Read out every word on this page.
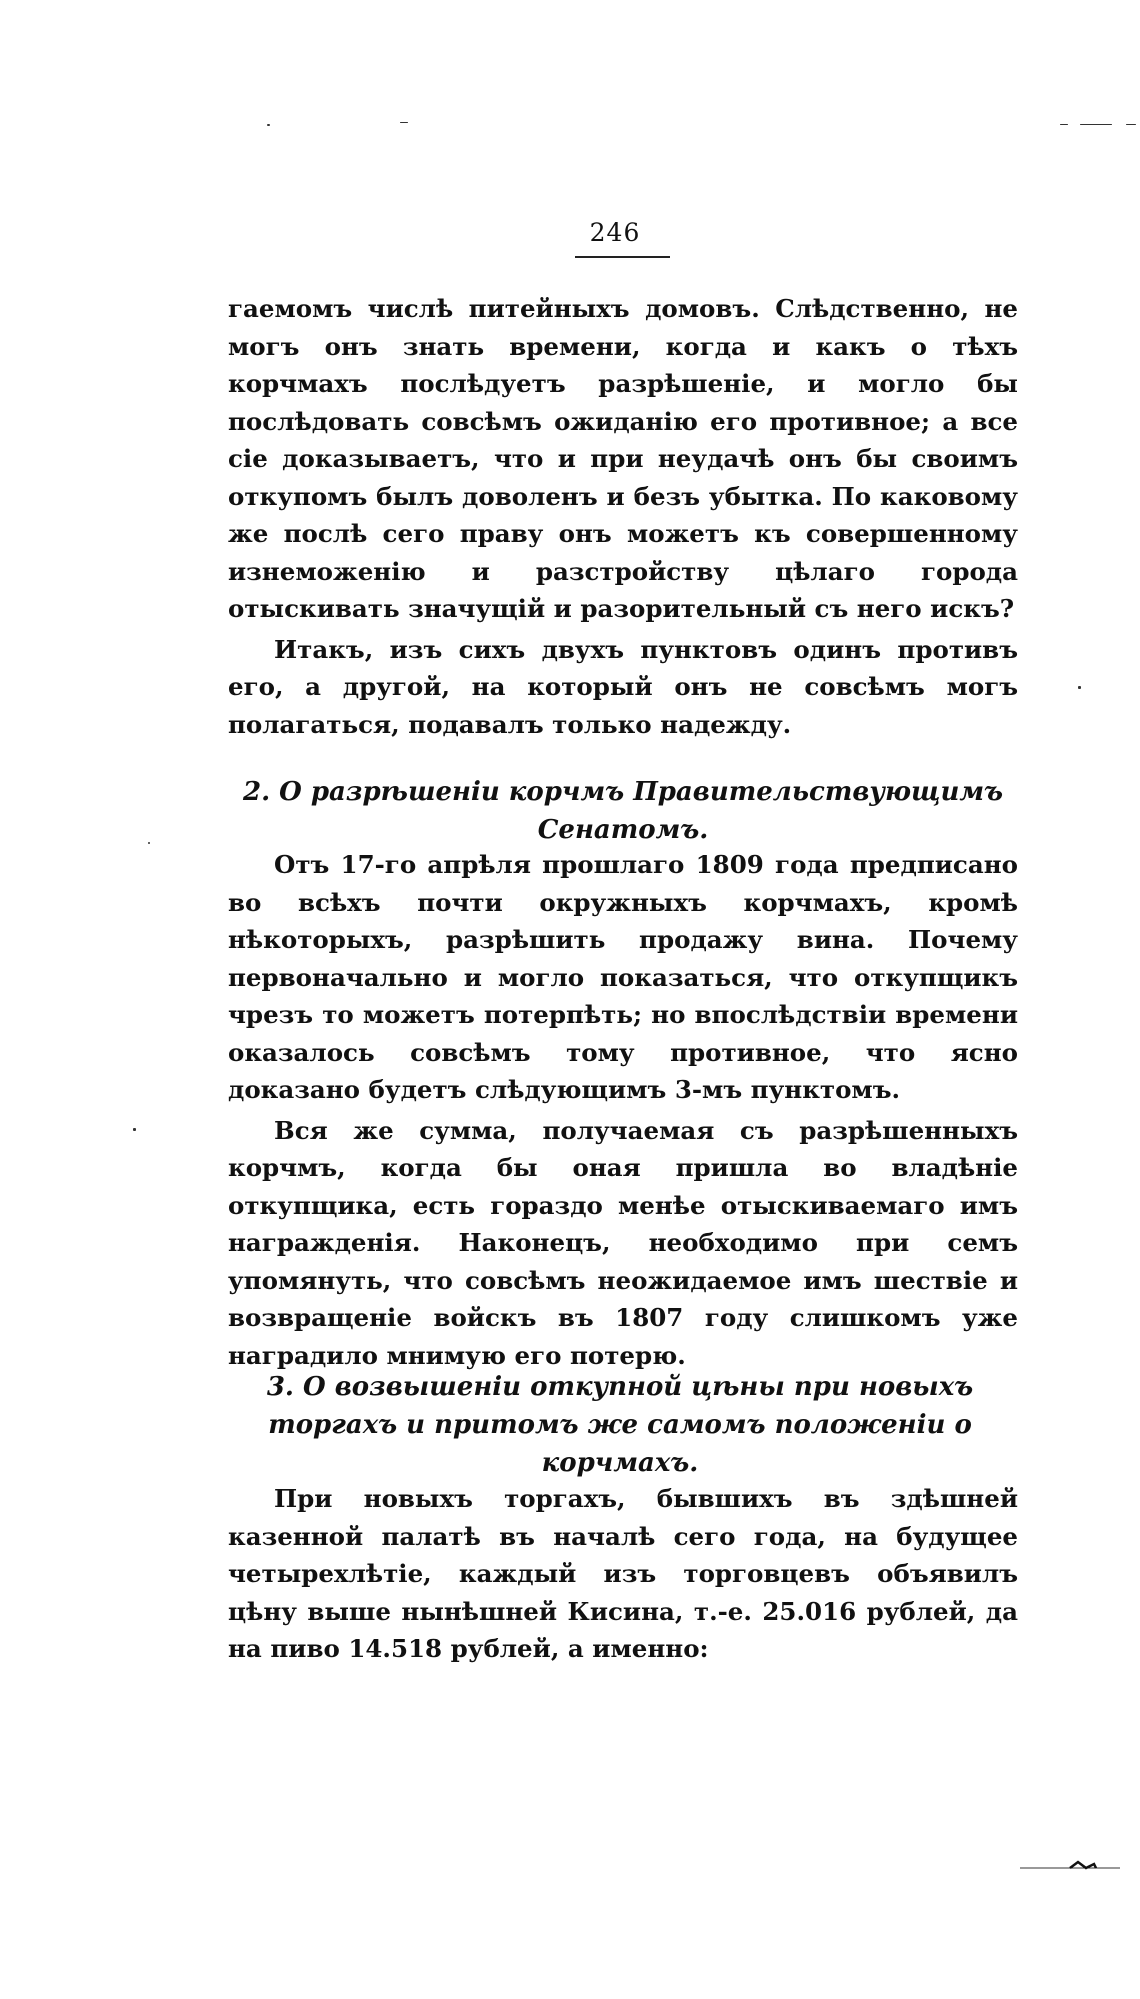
246

гаемомъ числѣ питейныхъ домовъ. Слѣдственно, не могъ онъ знать времени, когда и какъ о тѣхъ корчмахъ послѣдуетъ разрѣшеніе, и могло бы послѣдовать совсѣмъ ожиданію его противное; а все сіе доказываетъ, что и при неудачѣ онъ бы своимъ откупомъ былъ доволенъ и безъ убытка. По каковому же послѣ сего праву онъ можетъ къ совершенному изнеможенію и разстройству цѣлаго города отыскивать значущій и разорительный съ него искъ?

Итакъ, изъ сихъ двухъ пунктовъ одинъ противъ его, а другой, на который онъ не совсѣмъ могъ полагаться, подавалъ только надежду.

2. О разрѣшеніи корчмъ Правительствующимъ Сенатомъ.

Отъ 17-го апрѣля прошлаго 1809 года предписано во всѣхъ почти окружныхъ корчмахъ, кромѣ нѣкоторыхъ, разрѣшить продажу вина. Почему первоначально и могло показаться, что откупщикъ чрезъ то можетъ потерпѣть; но впослѣдствіи времени оказалось совсѣмъ тому противное, что ясно доказано будетъ слѣдующимъ 3-мъ пунктомъ.

Вся же сумма, получаемая съ разрѣшенныхъ корчмъ, когда бы оная пришла во владѣніе откупщика, есть гораздо менѣе отыскиваемаго имъ награжденія. Наконецъ, необходимо при семъ упомянуть, что совсѣмъ неожидаемое имъ шествіе и возвращеніе войскъ въ 1807 году слишкомъ уже наградило мнимую его потерю.

3. О возвышеніи откупной цѣны при новыхъ торгахъ и притомъ же самомъ положеніи о корчмахъ.

При новыхъ торгахъ, бывшихъ въ здѣшней казенной палатѣ въ началѣ сего года, на будущее четырехлѣтіе, каждый изъ торговцевъ объявилъ цѣну выше нынѣшней Кисина, т.-е. 25.016 рублей, да на пиво 14.518 рублей, а именно:
